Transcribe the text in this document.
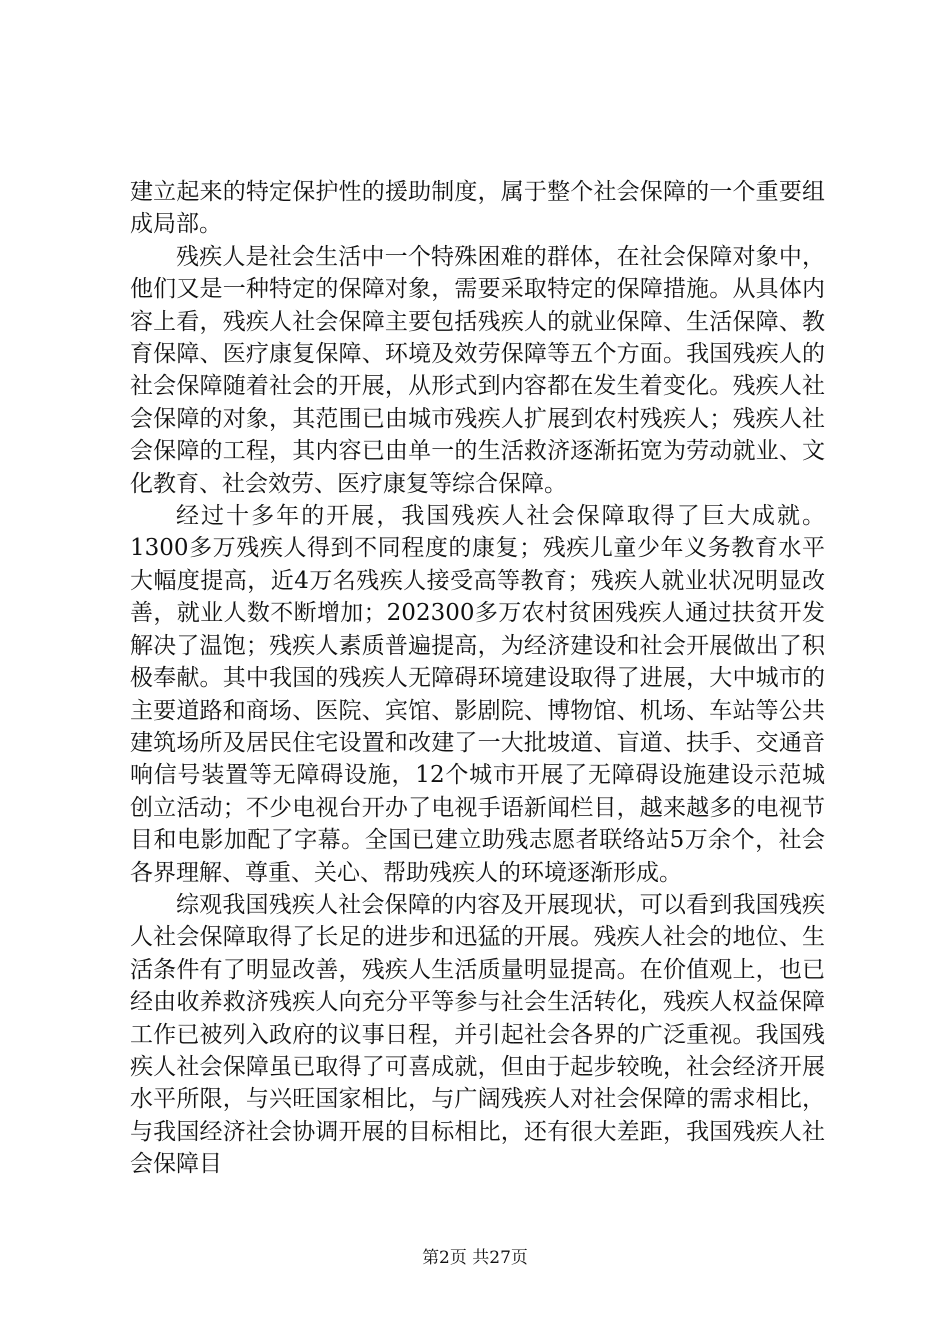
建立起来的特定保护性的援助制度，属于整个社会保障的一个重要组成局部。

残疾人是社会生活中一个特殊困难的群体，在社会保障对象中，他们又是一种特定的保障对象，需要采取特定的保障措施。从具体内容上看，残疾人社会保障主要包括残疾人的就业保障、生活保障、教育保障、医疗康复保障、环境及效劳保障等五个方面。我国残疾人的社会保障随着社会的开展，从形式到内容都在发生着变化。残疾人社会保障的对象，其范围已由城市残疾人扩展到农村残疾人；残疾人社会保障的工程，其内容已由单一的生活救济逐渐拓宽为劳动就业、文化教育、社会效劳、医疗康复等综合保障。

经过十多年的开展，我国残疾人社会保障取得了巨大成就。1300多万残疾人得到不同程度的康复；残疾儿童少年义务教育水平大幅度提高，近4万名残疾人接受高等教育；残疾人就业状况明显改善，就业人数不断增加；202300多万农村贫困残疾人通过扶贫开发解决了温饱；残疾人素质普遍提高，为经济建设和社会开展做出了积极奉献。其中我国的残疾人无障碍环境建设取得了进展，大中城市的主要道路和商场、医院、宾馆、影剧院、博物馆、机场、车站等公共建筑场所及居民住宅设置和改建了一大批坡道、盲道、扶手、交通音响信号装置等无障碍设施，12个城市开展了无障碍设施建设示范城创立活动；不少电视台开办了电视手语新闻栏目，越来越多的电视节目和电影加配了字幕。全国已建立助残志愿者联络站5万余个，社会各界理解、尊重、关心、帮助残疾人的环境逐渐形成。

综观我国残疾人社会保障的内容及开展现状，可以看到我国残疾人社会保障取得了长足的进步和迅猛的开展。残疾人社会的地位、生活条件有了明显改善，残疾人生活质量明显提高。在价值观上，也已经由收养救济残疾人向充分平等参与社会生活转化，残疾人权益保障工作已被列入政府的议事日程，并引起社会各界的广泛重视。我国残疾人社会保障虽已取得了可喜成就，但由于起步较晚，社会经济开展水平所限，与兴旺国家相比，与广阔残疾人对社会保障的需求相比，与我国经济社会协调开展的目标相比，还有很大差距，我国残疾人社会保障目

第2页 共27页
